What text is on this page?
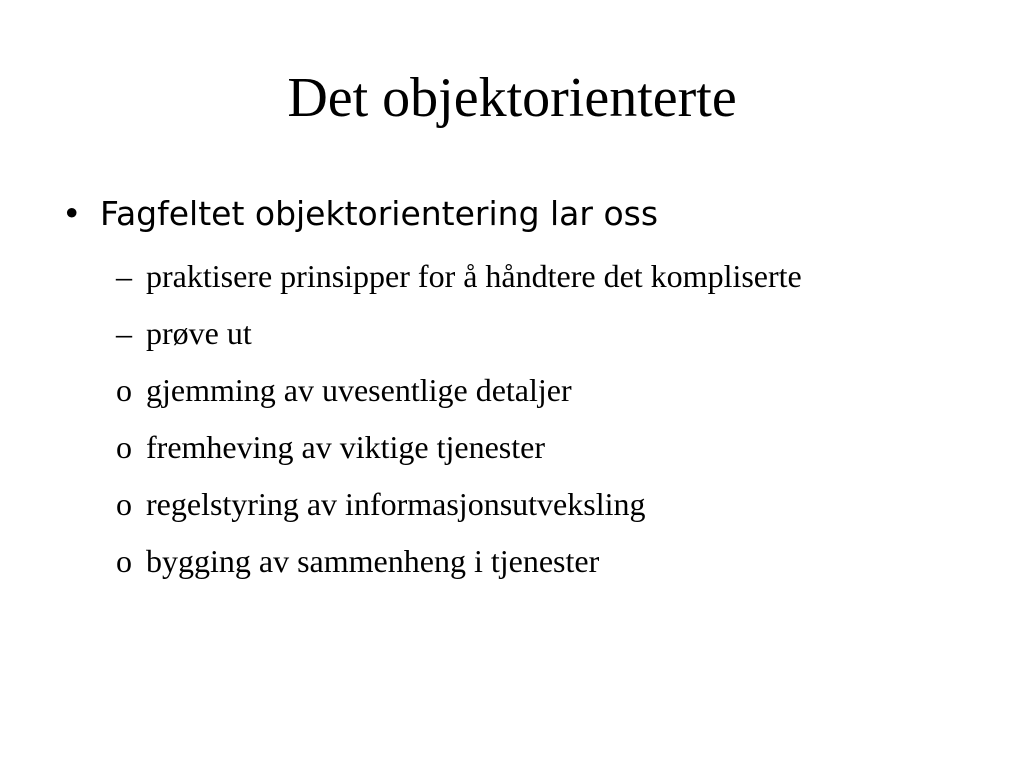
Det objektorienterte
• Fagfeltet objektorientering lar oss
– praktisere prinsipper for å håndtere det kompliserte
– prøve ut
o gjemming av uvesentlige detaljer
o fremheving av viktige tjenester
o regelstyring av informasjonsutveksling
o bygging av sammenheng i tjenester
